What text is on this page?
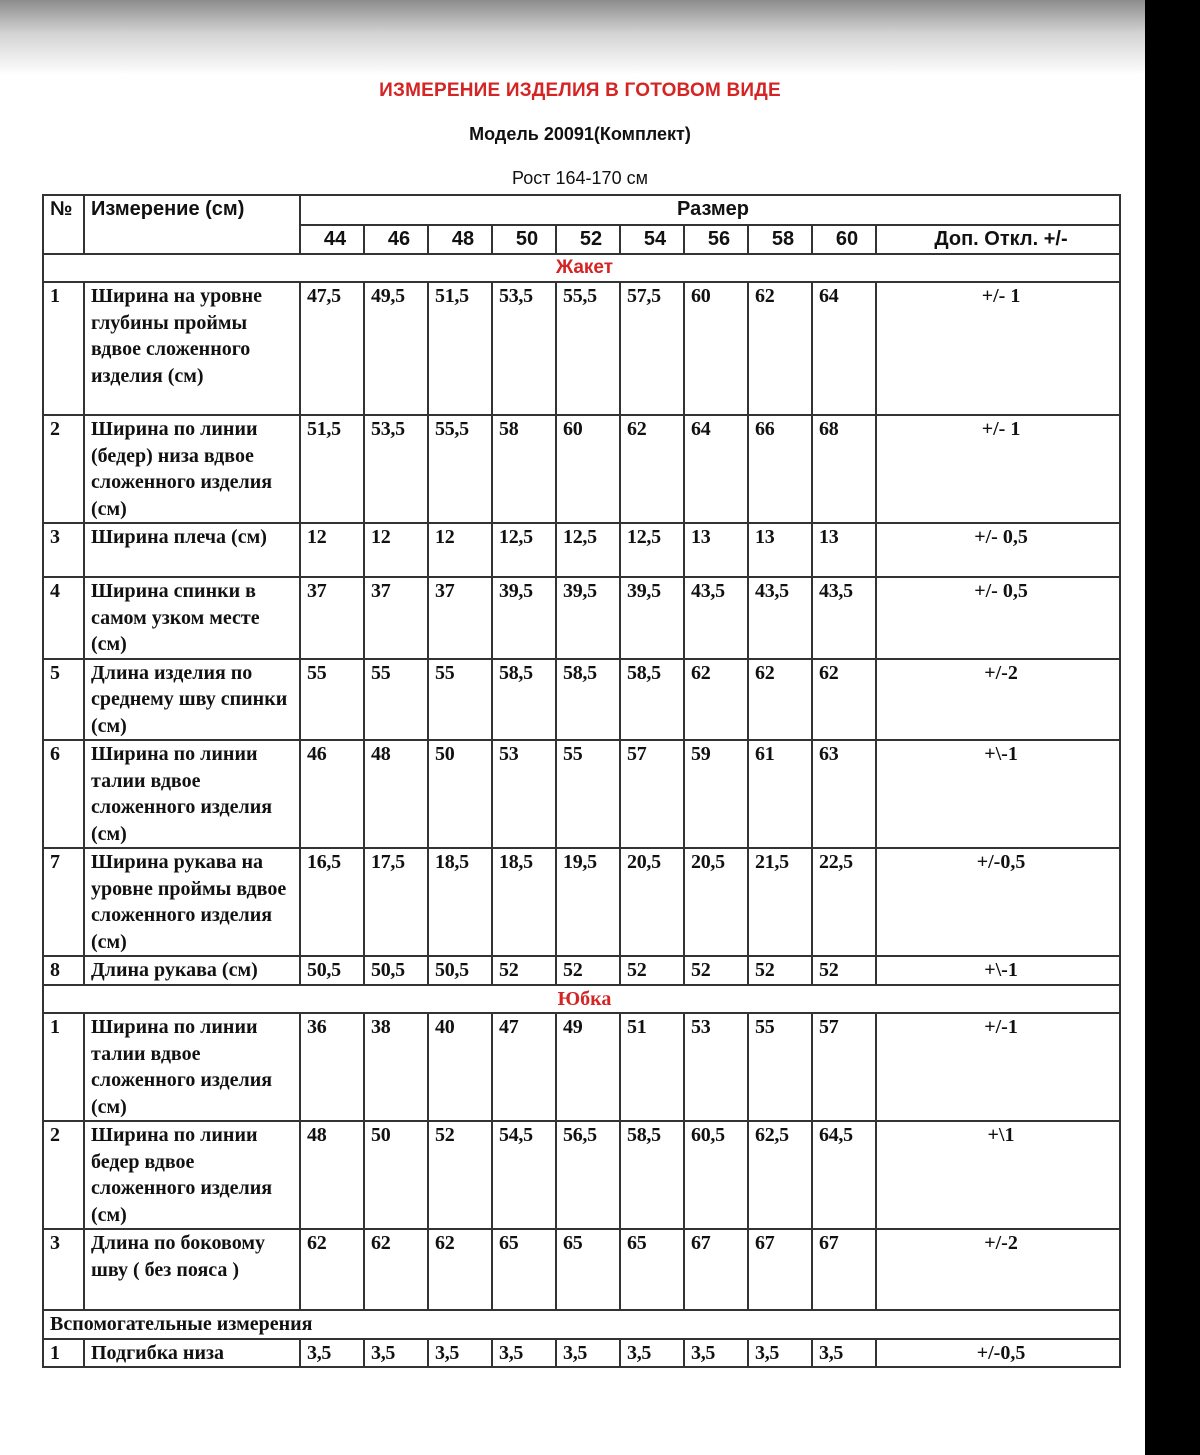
ИЗМЕРЕНИЕ ИЗДЕЛИЯ В ГОТОВОМ ВИДЕ
Модель 20091(Комплект)
Рост 164-170 см
№	Измерение (см)	Размер									
		44	46	48	50	52	54	56	58	60	Доп. Откл. +/-
Жакет											
1	Ширина на уровне глубины проймы вдвое сложенного изделия (см)	47,5	49,5	51,5	53,5	55,5	57,5	60	62	64	+/- 1
2	Ширина по линии (бедер) низа вдвое сложенного изделия (см)	51,5	53,5	55,5	58	60	62	64	66	68	+/- 1
3	Ширина плеча (см)	12	12	12	12,5	12,5	12,5	13	13	13	+/- 0,5
4	Ширина спинки в самом узком месте (см)	37	37	37	39,5	39,5	39,5	43,5	43,5	43,5	+/- 0,5
5	Длина изделия по среднему шву спинки (см)	55	55	55	58,5	58,5	58,5	62	62	62	+/-2
6	Ширина по линии талии вдвое сложенного изделия (см)	46	48	50	53	55	57	59	61	63	+\-1
7	Ширина рукава на уровне проймы вдвое сложенного изделия (см)	16,5	17,5	18,5	18,5	19,5	20,5	20,5	21,5	22,5	+/-0,5
8	Длина рукава (см)	50,5	50,5	50,5	52	52	52	52	52	52	+\-1
Юбка											
1	Ширина по линии талии вдвое сложенного изделия (см)	36	38	40	47	49	51	53	55	57	+/-1
2	Ширина по линии бедер вдвое сложенного изделия (см)	48	50	52	54,5	56,5	58,5	60,5	62,5	64,5	+\1
3	Длина по боковому шву ( без пояса )	62	62	62	65	65	65	67	67	67	+/-2
Вспомогательные измерения											
1	Подгибка низа	3,5	3,5	3,5	3,5	3,5	3,5	3,5	3,5	3,5	+/-0,5
